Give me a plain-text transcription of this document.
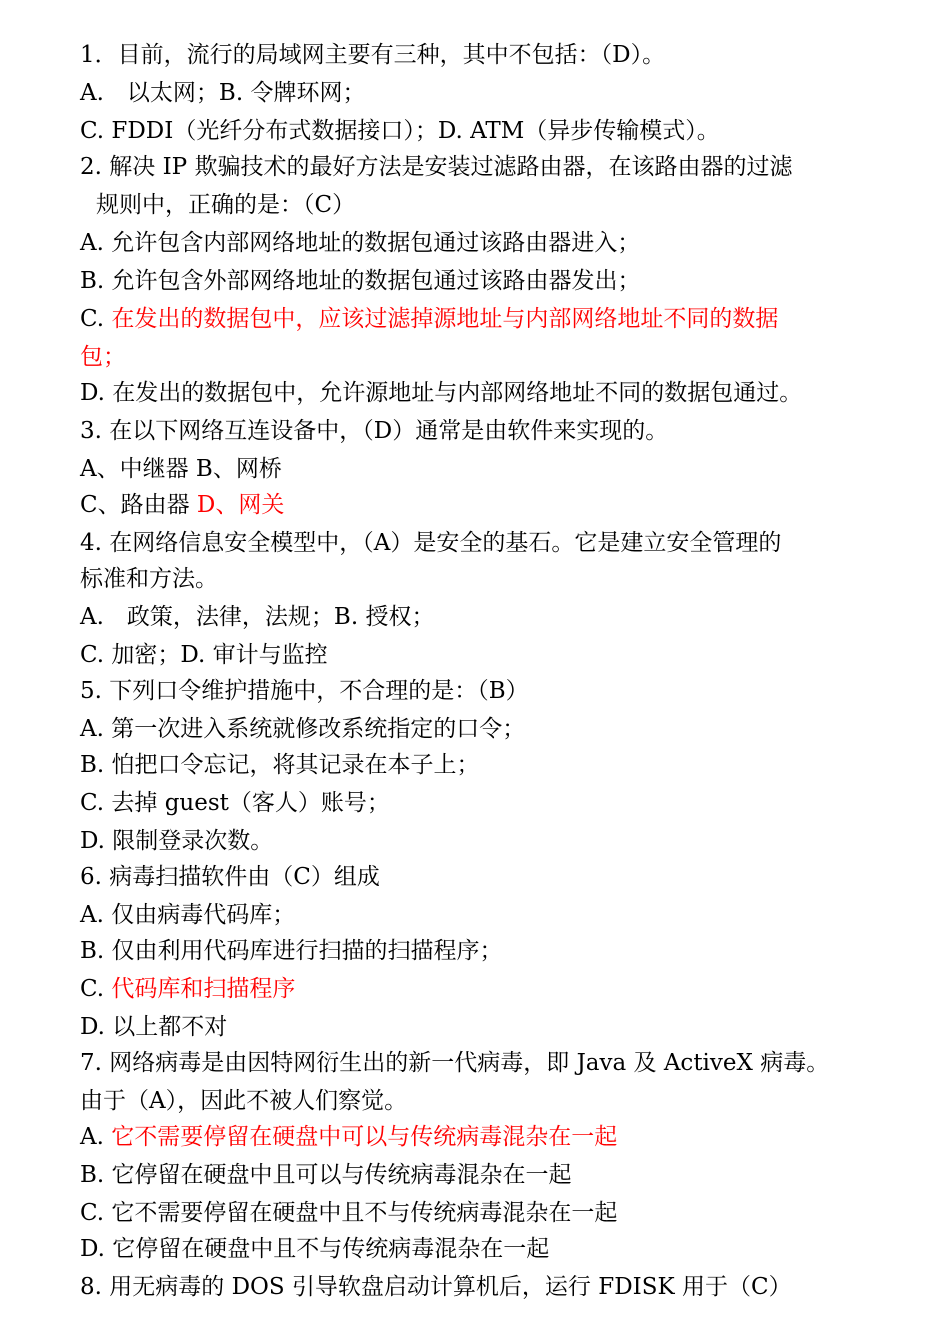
1．目前，流行的局域网主要有三种，其中不包括：（D）。
A.　以太网；B. 令牌环网；
C. FDDI（光纤分布式数据接口）；D. ATM（异步传输模式）。
2. 解决 IP 欺骗技术的最好方法是安装过滤路由器，在该路由器的过滤
规则中，正确的是：（C）
A. 允许包含内部网络地址的数据包通过该路由器进入；
B. 允许包含外部网络地址的数据包通过该路由器发出；
C. 在发出的数据包中，应该过滤掉源地址与内部网络地址不同的数据
包；
D. 在发出的数据包中，允许源地址与内部网络地址不同的数据包通过。
3. 在以下网络互连设备中，（D）通常是由软件来实现的。
A、中继器 B、网桥
C、路由器 D、网关
4. 在网络信息安全模型中，（A）是安全的基石。它是建立安全管理的
标准和方法。
A.　政策，法律，法规；B. 授权；
C. 加密；D. 审计与监控
5. 下列口令维护措施中，不合理的是：（B）
A. 第一次进入系统就修改系统指定的口令；
B. 怕把口令忘记，将其记录在本子上；
C. 去掉 guest（客人）账号；
D. 限制登录次数。
6. 病毒扫描软件由（C）组成
A. 仅由病毒代码库；
B. 仅由利用代码库进行扫描的扫描程序；
C. 代码库和扫描程序
D. 以上都不对
7. 网络病毒是由因特网衍生出的新一代病毒，即 Java 及 ActiveX 病毒。
由于（A），因此不被人们察觉。
A. 它不需要停留在硬盘中可以与传统病毒混杂在一起
B. 它停留在硬盘中且可以与传统病毒混杂在一起
C. 它不需要停留在硬盘中且不与传统病毒混杂在一起
D. 它停留在硬盘中且不与传统病毒混杂在一起
8. 用无病毒的 DOS 引导软盘启动计算机后，运行 FDISK 用于（C）
